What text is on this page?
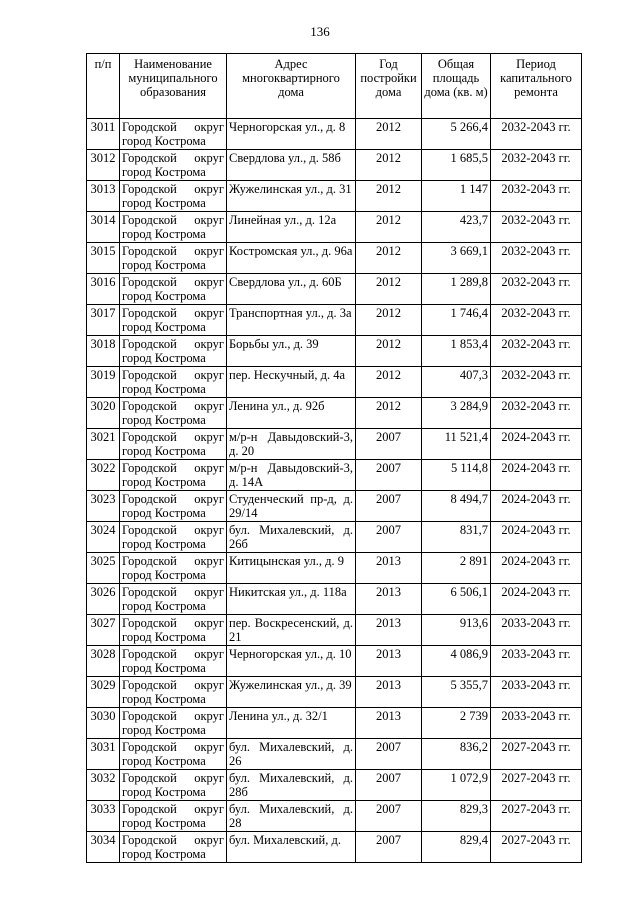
136
п/п	Наименование муниципального образования	Адрес многоквартирного дома	Год постройки дома	Общая площадь дома (кв. м)	Период капитального ремонта
3011	Городской округ город Кострома	Черногорская ул., д. 8	2012	5 266,4	2032-2043 гг.
3012	Городской округ город Кострома	Свердлова ул., д. 58б	2012	1 685,5	2032-2043 гг.
3013	Городской округ город Кострома	Жужелинская ул., д. 31	2012	1 147	2032-2043 гг.
3014	Городской округ город Кострома	Линейная ул., д. 12а	2012	423,7	2032-2043 гг.
3015	Городской округ город Кострома	Костромская ул., д. 96а	2012	3 669,1	2032-2043 гг.
3016	Городской округ город Кострома	Свердлова ул., д. 60Б	2012	1 289,8	2032-2043 гг.
3017	Городской округ город Кострома	Транспортная ул., д. 3а	2012	1 746,4	2032-2043 гг.
3018	Городской округ город Кострома	Борьбы ул., д. 39	2012	1 853,4	2032-2043 гг.
3019	Городской округ город Кострома	пер. Нескучный, д. 4а	2012	407,3	2032-2043 гг.
3020	Городской округ город Кострома	Ленина ул., д. 92б	2012	3 284,9	2032-2043 гг.
3021	Городской округ город Кострома	м/р-н Давыдовский-3, д. 20	2007	11 521,4	2024-2043 гг.
3022	Городской округ город Кострома	м/р-н Давыдовский-3, д. 14А	2007	5 114,8	2024-2043 гг.
3023	Городской округ город Кострома	Студенческий пр-д, д. 29/14	2007	8 494,7	2024-2043 гг.
3024	Городской округ город Кострома	бул. Михалевский, д. 26б	2007	831,7	2024-2043 гг.
3025	Городской округ город Кострома	Китицынская ул., д. 9	2013	2 891	2024-2043 гг.
3026	Городской округ город Кострома	Никитская ул., д. 118а	2013	6 506,1	2024-2043 гг.
3027	Городской округ город Кострома	пер. Воскресенский, д. 21	2013	913,6	2033-2043 гг.
3028	Городской округ город Кострома	Черногорская ул., д. 10	2013	4 086,9	2033-2043 гг.
3029	Городской округ город Кострома	Жужелинская ул., д. 39	2013	5 355,7	2033-2043 гг.
3030	Городской округ город Кострома	Ленина ул., д. 32/1	2013	2 739	2033-2043 гг.
3031	Городской округ город Кострома	бул. Михалевский, д. 26	2007	836,2	2027-2043 гг.
3032	Городской округ город Кострома	бул. Михалевский, д. 28б	2007	1 072,9	2027-2043 гг.
3033	Городской округ город Кострома	бул. Михалевский, д. 28	2007	829,3	2027-2043 гг.
3034	Городской округ город Кострома	бул. Михалевский, д.	2007	829,4	2027-2043 гг.
